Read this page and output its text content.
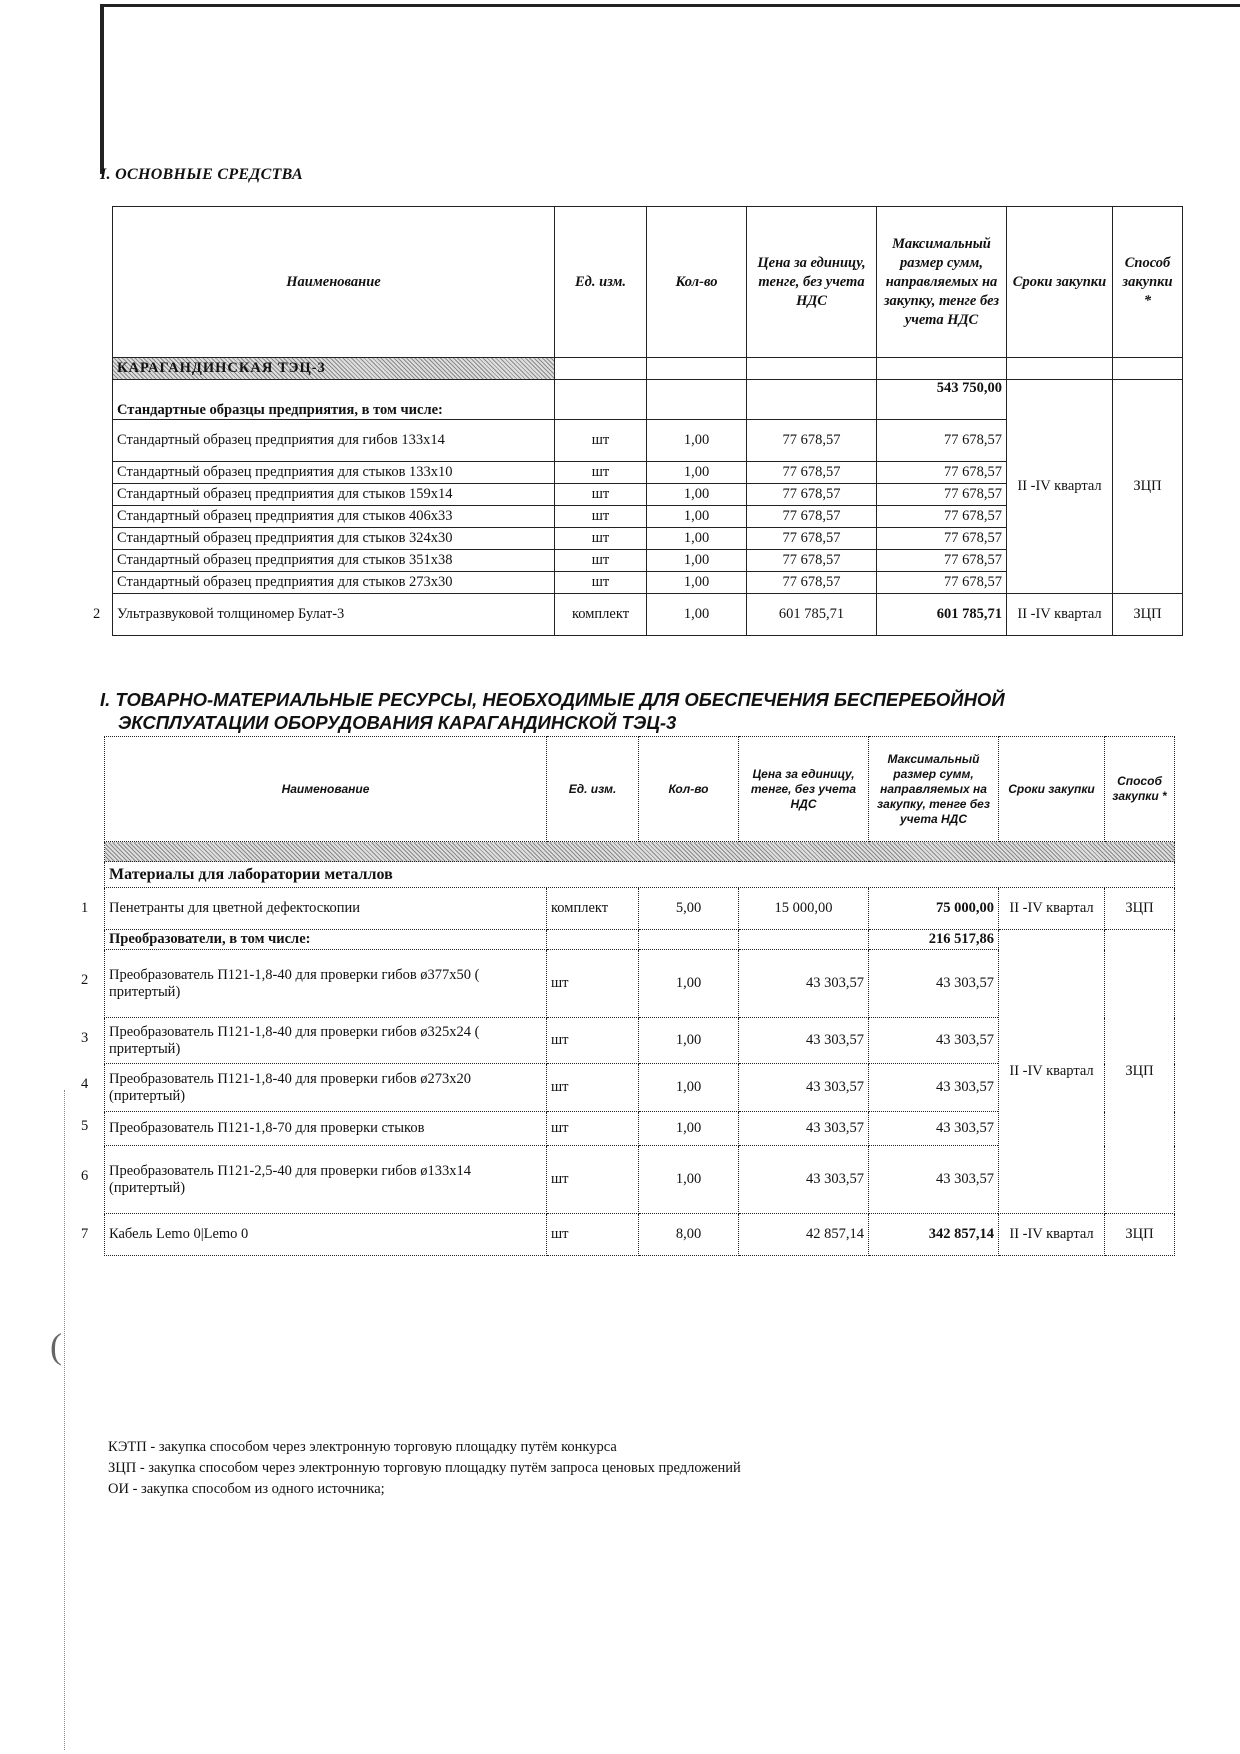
(
I. ОСНОВНЫЕ СРЕДСТВА
Наименование	Ед. изм.	Кол-во	Цена за единицу, тенге, без учета НДС	Максимальный размер сумм, направляемых на закупку, тенге без учета НДС	Сроки закупки	Способ закупки *
КАРАГАНДИНСКАЯ ТЭЦ-3						
Стандартные образцы предприятия, в том числе:				543 750,00	II -IV квартал	ЗЦП
Стандартный образец предприятия для гибов 133х14	шт	1,00	77 678,57	77 678,57		
Стандартный образец предприятия для стыков 133х10	шт	1,00	77 678,57	77 678,57		
Стандартный образец предприятия для стыков 159х14	шт	1,00	77 678,57	77 678,57		
Стандартный образец предприятия для стыков 406х33	шт	1,00	77 678,57	77 678,57		
Стандартный образец предприятия для стыков 324х30	шт	1,00	77 678,57	77 678,57		
Стандартный образец предприятия для стыков 351х38	шт	1,00	77 678,57	77 678,57		
Стандартный образец предприятия для стыков 273х30	шт	1,00	77 678,57	77 678,57		

2 Ультразвуковой толщиномер Булат-3	комплект	1,00	601 785,71	601 785,71	II -IV квартал	ЗЦП
I. ТОВАРНО-МАТЕРИАЛЬНЫЕ РЕСУРСЫ, НЕОБХОДИМЫЕ ДЛЯ ОБЕСПЕЧЕНИЯ БЕСПЕРЕБОЙНОЙ
ЭКСПЛУАТАЦИИ ОБОРУДОВАНИЯ КАРАГАНДИНСКОЙ ТЭЦ-3
Наименование	Ед. изм.	Кол-во	Цена за единицу, тенге, без учета НДС	Максимальный размер сумм, направляемых на закупку, тенге без учета НДС	Сроки закупки	Способ закупки *

Материалы для лаборатории металлов						

1 Пенетранты для цветной дефектоскопии	комплект	5,00	15 000,00	75 000,00	II -IV квартал	ЗЦП
Преобразователи, в том числе:				216 517,86	II -IV квартал	ЗЦП

2 Преобразователь П121-1,8-40 для проверки гибов ø377х50 ( притертый)	шт	1,00	43 303,57	43 303,57		

3 Преобразователь П121-1,8-40 для проверки гибов ø325х24 ( притертый)	шт	1,00	43 303,57	43 303,57		

4 Преобразователь П121-1,8-40 для проверки гибов ø273х20 (притертый)	шт	1,00	43 303,57	43 303,57		

5 Преобразователь П121-1,8-70 для проверки стыков	шт	1,00	43 303,57	43 303,57		

6 Преобразователь П121-2,5-40 для проверки гибов ø133х14 (притертый)	шт	1,00	43 303,57	43 303,57		

7 Кабель Lemo 0|Lemo 0	шт	8,00	42 857,14	342 857,14	II -IV квартал	ЗЦП
КЭТП - закупка способом через электронную торговую площадку путём конкурса
ЗЦП - закупка способом через электронную торговую площадку путём запроса ценовых предложений
ОИ - закупка способом из одного источника;
